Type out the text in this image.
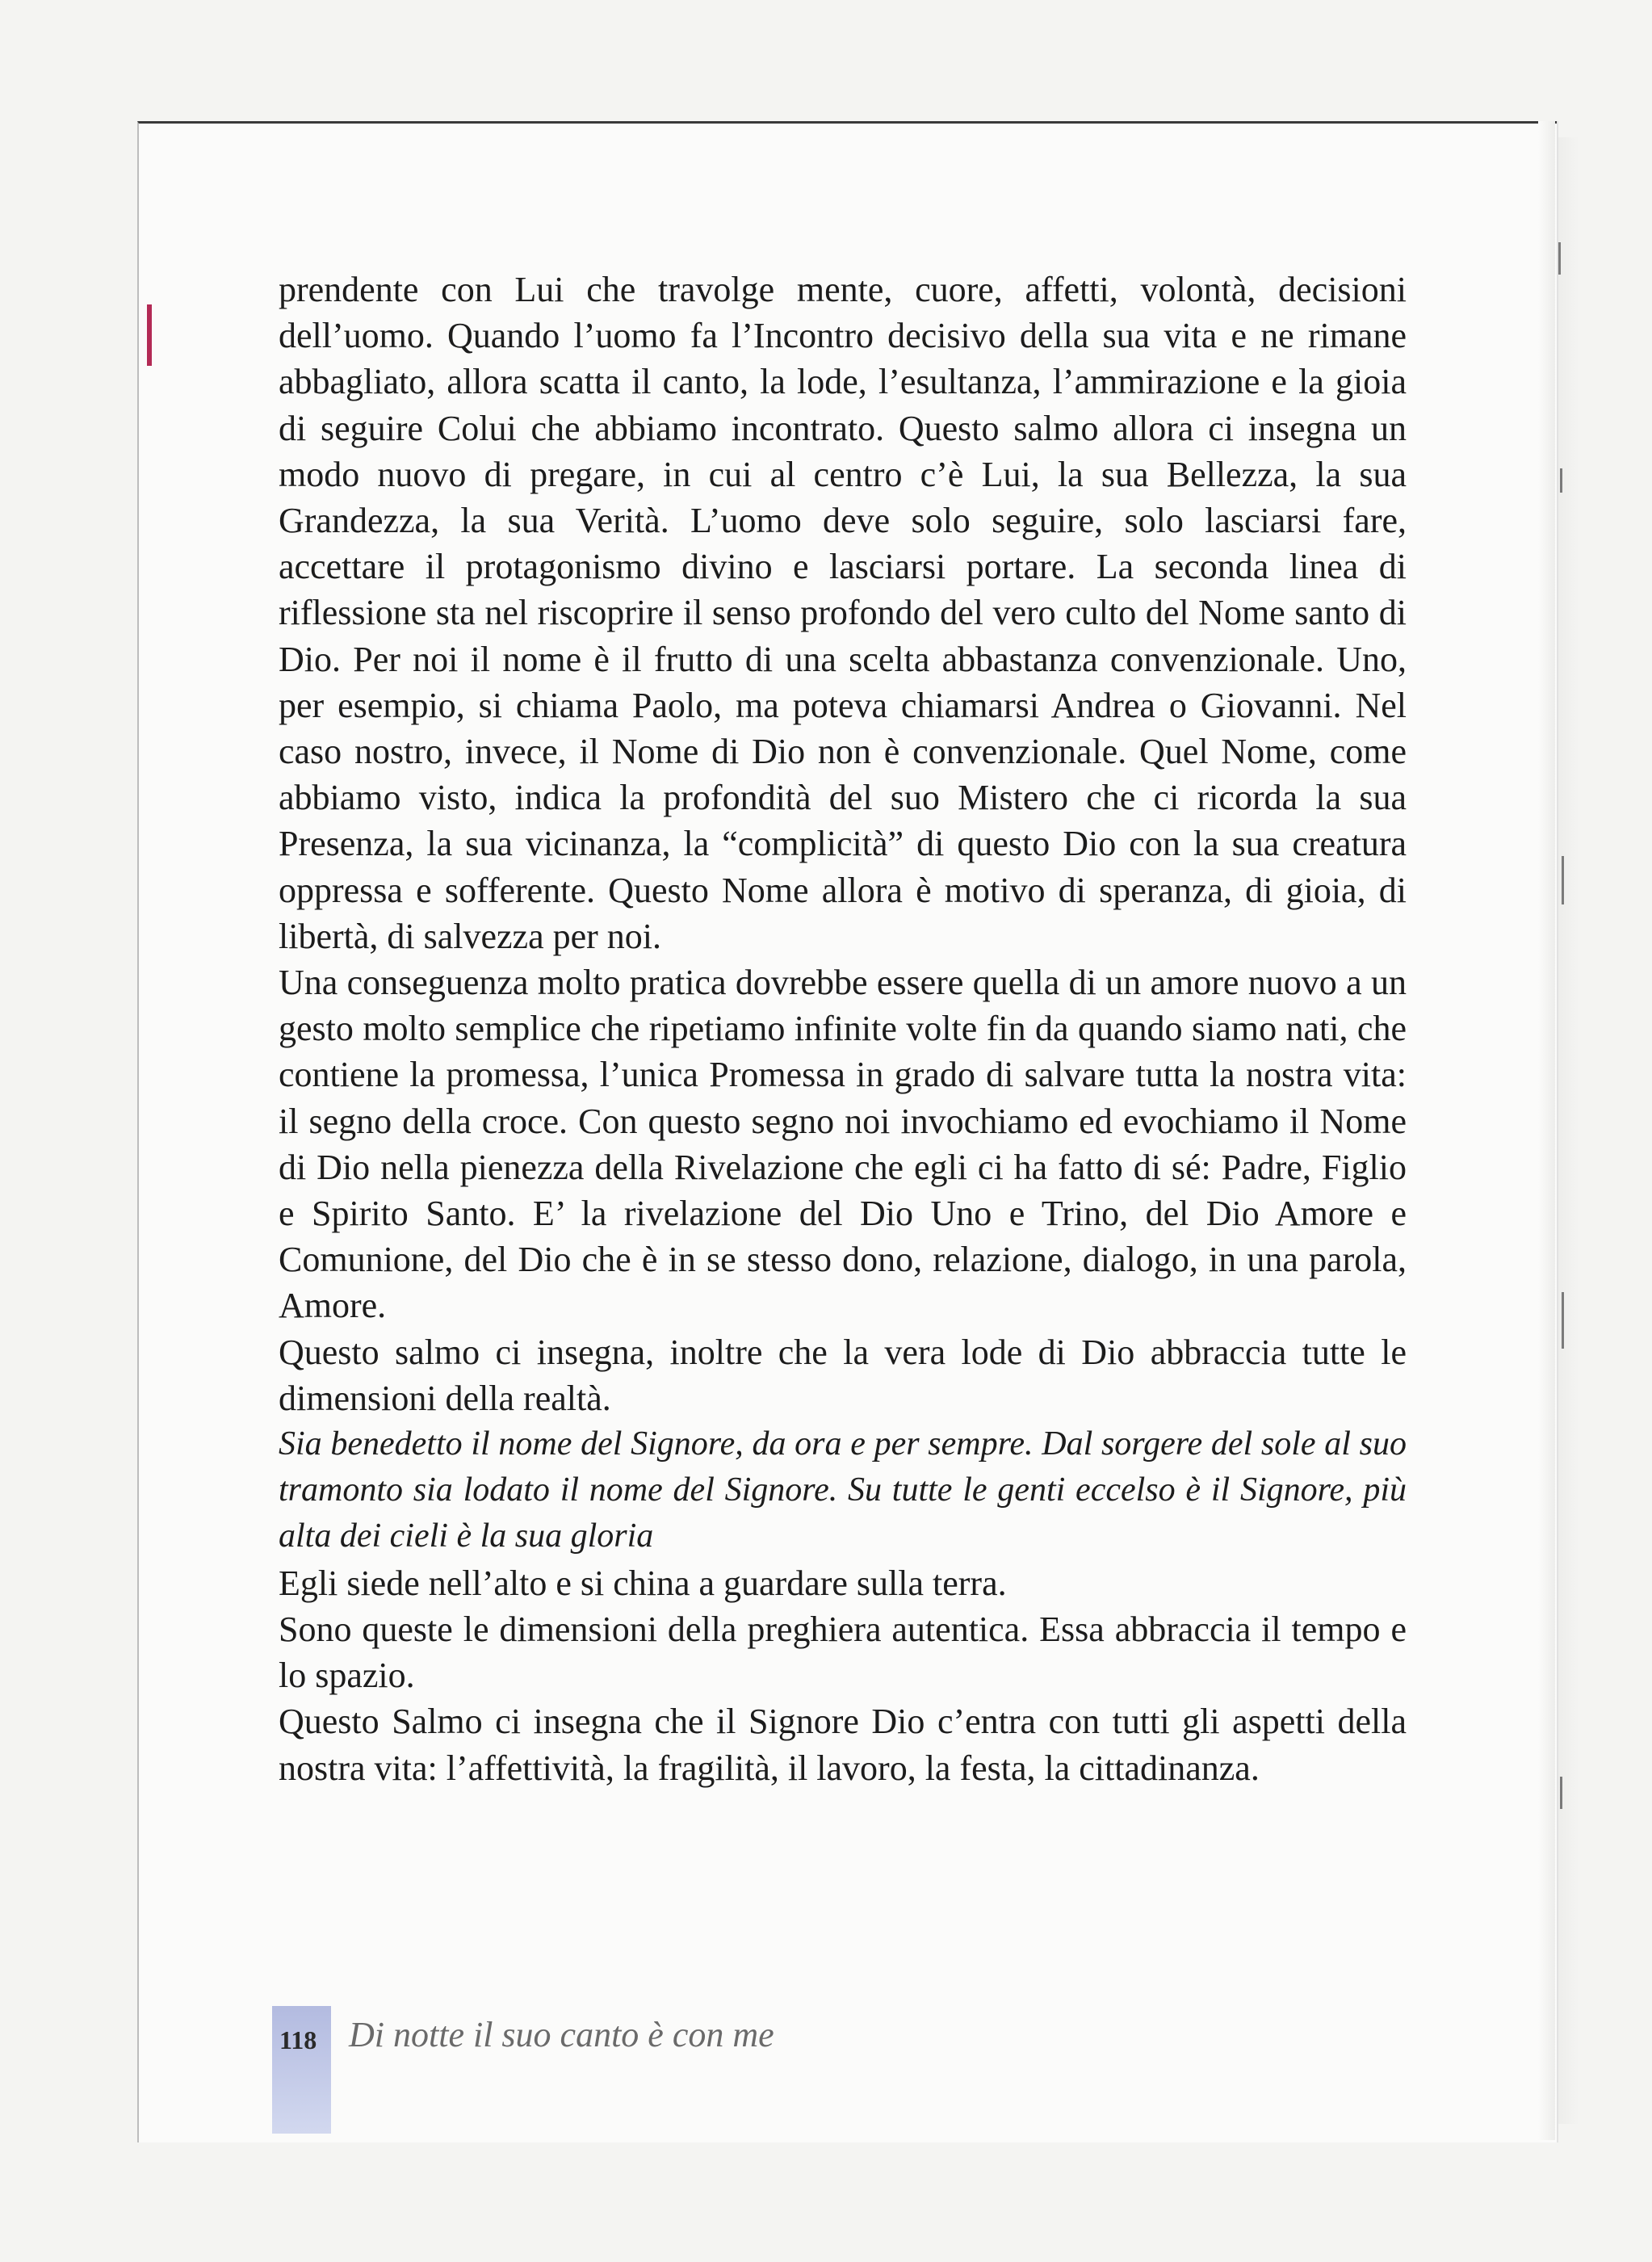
prendente con Lui che travolge mente, cuore, affetti, volontà, decisioni dell’uomo. Quando l’uomo fa l’Incontro decisivo della sua vita e ne rimane abbagliato, allora scatta il canto, la lode, l’esultanza, l’ammirazione e la gioia di seguire Colui che abbiamo incontrato. Questo salmo allora ci insegna un modo nuovo di pregare, in cui al centro c’è Lui, la sua Bellezza, la sua Grandezza, la sua Verità. L’uomo deve solo seguire, solo lasciarsi fare, accettare il protagonismo divino e lasciarsi portare. La seconda linea di riflessione sta nel riscoprire il senso profondo del vero culto del Nome santo di Dio. Per noi il nome è il frutto di una scelta abbastanza convenzionale. Uno, per esempio, si chiama Paolo, ma poteva chiamarsi Andrea o Giovanni. Nel caso nostro, invece, il Nome di Dio non è convenzionale. Quel Nome, come abbiamo visto, indica la profondità del suo Mistero che ci ricorda la sua Presenza, la sua vicinanza, la “complicità” di questo Dio con la sua creatura oppressa e sofferente. Questo Nome allora è motivo di speranza, di gioia, di libertà, di salvezza per noi.

Una conseguenza molto pratica dovrebbe essere quella di un amore nuovo a un gesto molto semplice che ripetiamo infinite volte fin da quando siamo nati, che contiene la promessa, l’unica Promessa in grado di salvare tutta la nostra vita: il segno della croce. Con questo segno noi invochiamo ed evochiamo il Nome di Dio nella pienezza della Rivelazione che egli ci ha fatto di sé: Padre, Figlio e Spirito Santo. E’ la rivelazione del Dio Uno e Trino, del Dio Amore e Comunione, del Dio che è in se stesso dono, relazione, dialogo, in una parola, Amore.

Questo salmo ci insegna, inoltre che la vera lode di Dio abbraccia tutte le dimensioni della realtà.

Sia benedetto il nome del Signore, da ora e per sempre. Dal sorgere del sole al suo tramonto sia lodato il nome del Signore. Su tutte le genti eccelso è il Signore, più alta dei cieli è la sua gloria

Egli siede nell’alto e si china a guardare sulla terra.

Sono queste le dimensioni della preghiera autentica. Essa abbraccia il tempo e lo spazio.

Questo Salmo ci insegna che il Signore Dio c’entra con tutti gli aspetti della nostra vita: l’affettività, la fragilità, il lavoro, la festa, la cittadinanza.

118 Di notte il suo canto è con me
